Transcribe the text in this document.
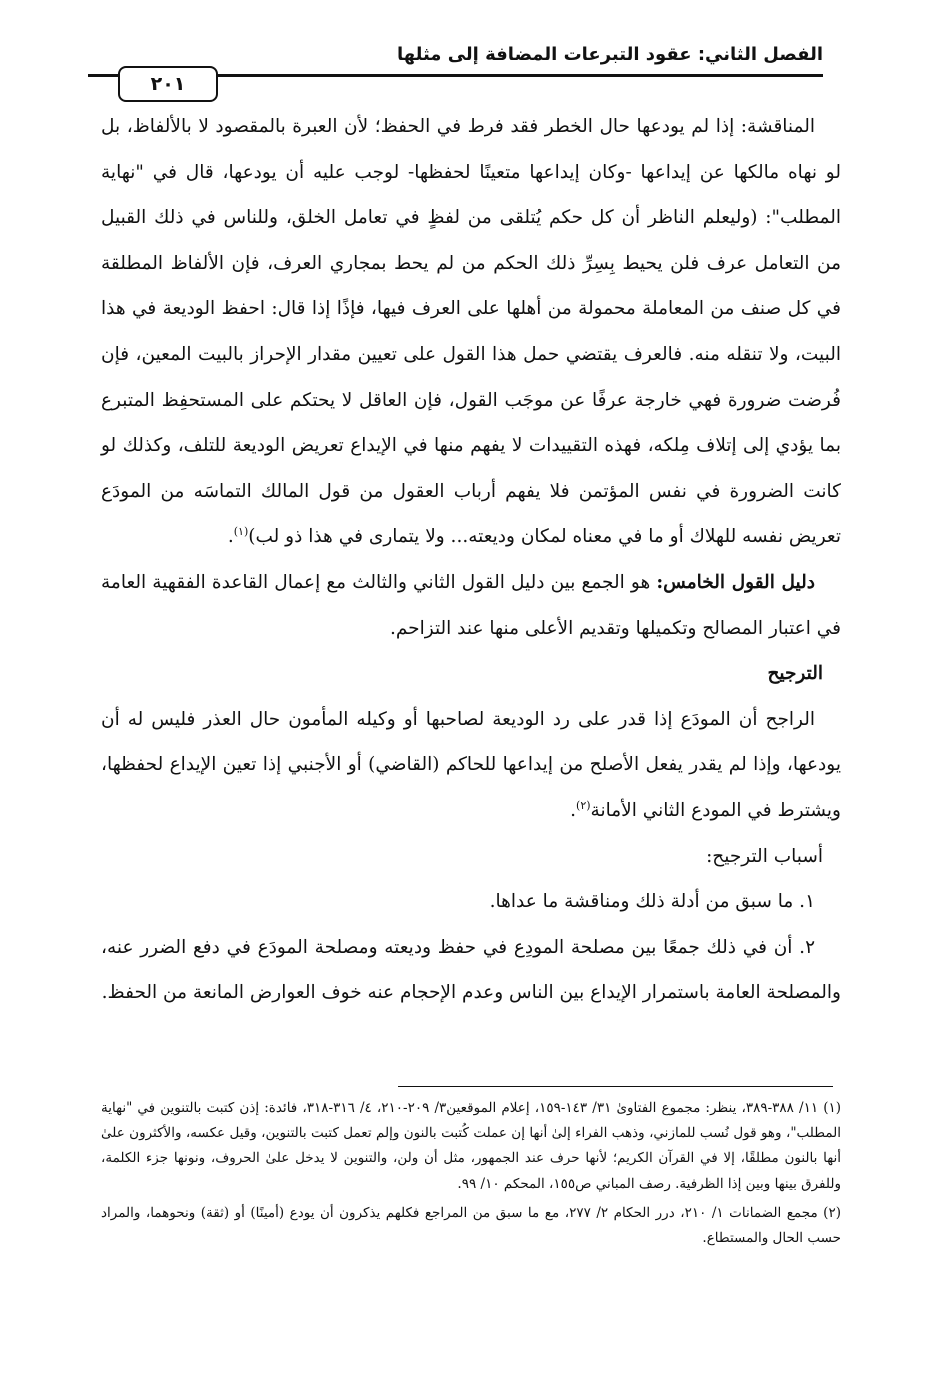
الفصل الثاني: عقود التبرعات المضافة إلى مثلها
٢٠١

المناقشة: إذا لم يودعها حال الخطر فقد فرط في الحفظ؛ لأن العبرة بالمقصود لا بالألفاظ، بل لو نهاه مالكها عن إيداعها -وكان إيداعها متعينًا لحفظها- لوجب عليه أن يودعها، قال في "نهاية المطلب": (وليعلم الناظر أن كل حكم يُتلقى من لفظٍ في تعامل الخلق، وللناس في ذلك القبيل من التعامل عرف فلن يحيط بِسِرِّ ذلك الحكم من لم يحط بمجاري العرف، فإن الألفاظ المطلقة في كل صنف من المعاملة محمولة من أهلها على العرف فيها، فإذًا إذا قال: احفظ الوديعة في هذا البيت، ولا تنقله منه. فالعرف يقتضي حمل هذا القول على تعيين مقدار الإحراز بالبيت المعين، فإن فُرضت ضرورة فهي خارجة عرفًا عن موجَب القول، فإن العاقل لا يحتكم على المستحفِظ المتبرع بما يؤدي إلى إتلاف مِلكه، فهذه التقييدات لا يفهم منها في الإيداع تعريض الوديعة للتلف، وكذلك لو كانت الضرورة في نفس المؤتمن فلا يفهم أرباب العقول من قول المالك التماسَه من المودَع تعريض نفسه للهلاك أو ما في معناه لمكان وديعته... ولا يتمارى في هذا ذو لب)$^{(١)}$.

دليل القول الخامس: هو الجمع بين دليل القول الثاني والثالث مع إعمال القاعدة الفقهية العامة في اعتبار المصالح وتكميلها وتقديم الأعلى منها عند التزاحم.

الترجيح

الراجح أن المودَع إذا قدر على رد الوديعة لصاحبها أو وكيله المأمون حال العذر فليس له أن يودعها، وإذا لم يقدر يفعل الأصلح من إيداعها للحاكم (القاضي) أو الأجنبي إذا تعين الإيداع لحفظها، ويشترط في المودع الثاني الأمانة$^{(٢)}$.

أسباب الترجيح:

١. ما سبق من أدلة ذلك ومناقشة ما عداها.

٢. أن في ذلك جمعًا بين مصلحة المودِع في حفظ وديعته ومصلحة المودَع في دفع الضرر عنه، والمصلحة العامة باستمرار الإيداع بين الناس وعدم الإحجام عنه خوف العوارض المانعة من الحفظ.

(١) ١١/ ٣٨٨-٣٨٩، ينظر: مجموع الفتاوىٰ ٣١/ ١٤٣-١٥٩، إعلام الموقعين٣/ ٢٠٩-٢١٠، ٤/ ٣١٦-٣١٨، فائدة: إذن كتبت بالتنوين في "نهاية المطلب"، وهو قول نُسب للمازني، وذهب الفراء إلىٰ أنها إن عملت كُتبت بالنون وإلم تعمل كتبت بالتنوين، وقيل عكسه، والأكثرون علىٰ أنها بالنون مطلقًا، إلا في القرآن الكريم؛ لأنها حرف عند الجمهور، مثل أن ولن، والتنوين لا يدخل علىٰ الحروف، ونونها جزء الكلمة، وللفرق بينها وبين إذا الظرفية. رصف المباني ص١٥٥، المحكم ١٠/ ٩٩.

(٢) مجمع الضمانات ١/ ٢١٠، درر الحكام ٢/ ٢٧٧، مع ما سبق من المراجع فكلهم يذكرون أن يودع (أمينًا) أو (ثقة) ونحوهما، والمراد حسب الحال والمستطاع.
